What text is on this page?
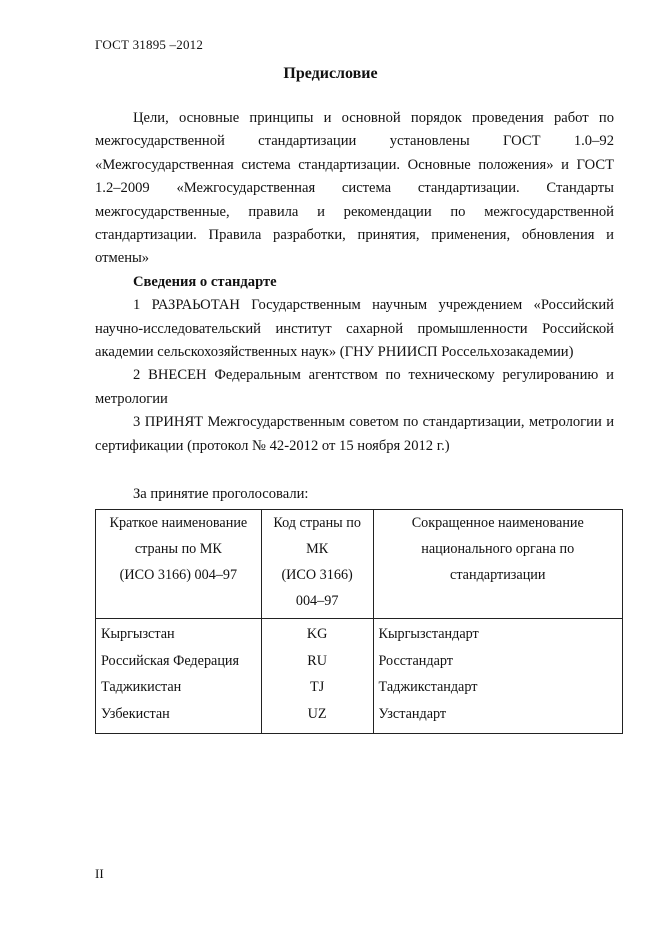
ГОСТ 31895 –2012
Предисловие

Цели, основные принципы и основной порядок проведения работ по межгосударственной стандартизации установлены ГОСТ 1.0–92 «Межгосударственная система стандартизации. Основные положения» и ГОСТ 1.2–2009 «Межгосударственная система стандартизации. Стандарты межгосударственные, правила и рекомендации по межгосударственной стандартизации. Правила разработки, принятия, применения, обновления и отмены»

Сведения о стандарте

1 РАЗРАЬОТАН Государственным научным учреждением «Российский научно-исследовательский институт сахарной промышленности Российской академии сельскохозяйственных наук» (ГНУ РНИИСП Россельхозакадемии)

2 ВНЕСЕН Федеральным агентством по техническому регулированию и метрологии

3 ПРИНЯТ Межгосударственным советом по стандартизации, метрологии и сертификации (протокол № 42-2012 от 15 ноября 2012 г.)

За принятие проголосовали:
Краткое наименование
страны по МК
(ИСО 3166) 004–97	Код страны по
МК
(ИСО 3166)
004–97	Сокращенное наименование
национального органа по
стандартизации

Кыргызстан
Российская Федерация
Таджикистан
Узбекистан	KG
RU
TJ
UZ	Кыргызстандарт
Росстандарт
Таджикстандарт
Узстандарт
II
